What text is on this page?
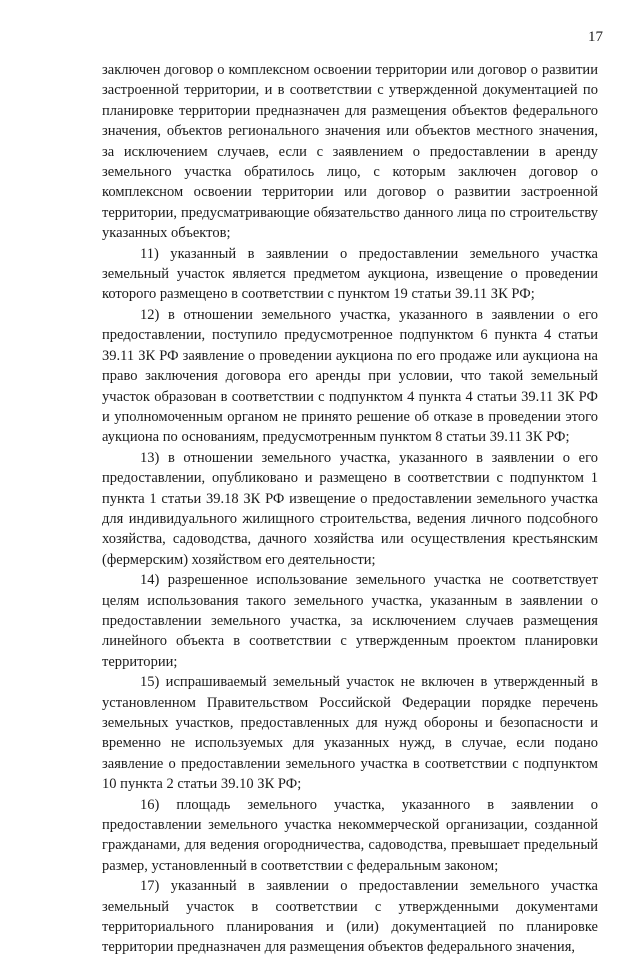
17

заключен договор о комплексном освоении территории или договор о развитии застроенной территории, и в соответствии с утвержденной документацией по планировке территории предназначен для размещения объектов федерального значения, объектов регионального значения или объектов местного значения, за исключением случаев, если с заявлением о предоставлении в аренду земельного участка обратилось лицо, с которым заключен договор о комплексном освоении территории или договор о развитии застроенной территории, предусматривающие обязательство данного лица по строительству указанных объектов;

11) указанный в заявлении о предоставлении земельного участка земельный участок является предметом аукциона, извещение о проведении которого размещено в соответствии с пунктом 19 статьи 39.11 ЗК РФ;

12) в отношении земельного участка, указанного в заявлении о его предоставлении, поступило предусмотренное подпунктом 6 пункта 4 статьи 39.11 ЗК РФ заявление о проведении аукциона по его продаже или аукциона на право заключения договора его аренды при условии, что такой земельный участок образован в соответствии с подпунктом 4 пункта 4 статьи 39.11 ЗК РФ и уполномоченным органом не принято решение об отказе в проведении этого аукциона по основаниям, предусмотренным пунктом 8 статьи 39.11 ЗК РФ;

13) в отношении земельного участка, указанного в заявлении о его предоставлении, опубликовано и размещено в соответствии с подпунктом 1 пункта 1 статьи 39.18 ЗК РФ извещение о предоставлении земельного участка для индивидуального жилищного строительства, ведения личного подсобного хозяйства, садоводства, дачного хозяйства или осуществления крестьянским (фермерским) хозяйством его деятельности;

14) разрешенное использование земельного участка не соответствует целям использования такого земельного участка, указанным в заявлении о предоставлении земельного участка, за исключением случаев размещения линейного объекта в соответствии с утвержденным проектом планировки территории;

15) испрашиваемый земельный участок не включен в утвержденный в установленном Правительством Российской Федерации порядке перечень земельных участков, предоставленных для нужд обороны и безопасности и временно не используемых для указанных нужд, в случае, если подано заявление о предоставлении земельного участка в соответствии с подпунктом 10 пункта 2 статьи 39.10 ЗК РФ;

16) площадь земельного участка, указанного в заявлении о предоставлении земельного участка некоммерческой организации, созданной гражданами, для ведения огородничества, садоводства, превышает предельный размер, установленный в соответствии с федеральным законом;

17) указанный в заявлении о предоставлении земельного участка земельный участок в соответствии с утвержденными документами территориального планирования и (или) документацией по планировке территории предназначен для размещения объектов федерального значения,
